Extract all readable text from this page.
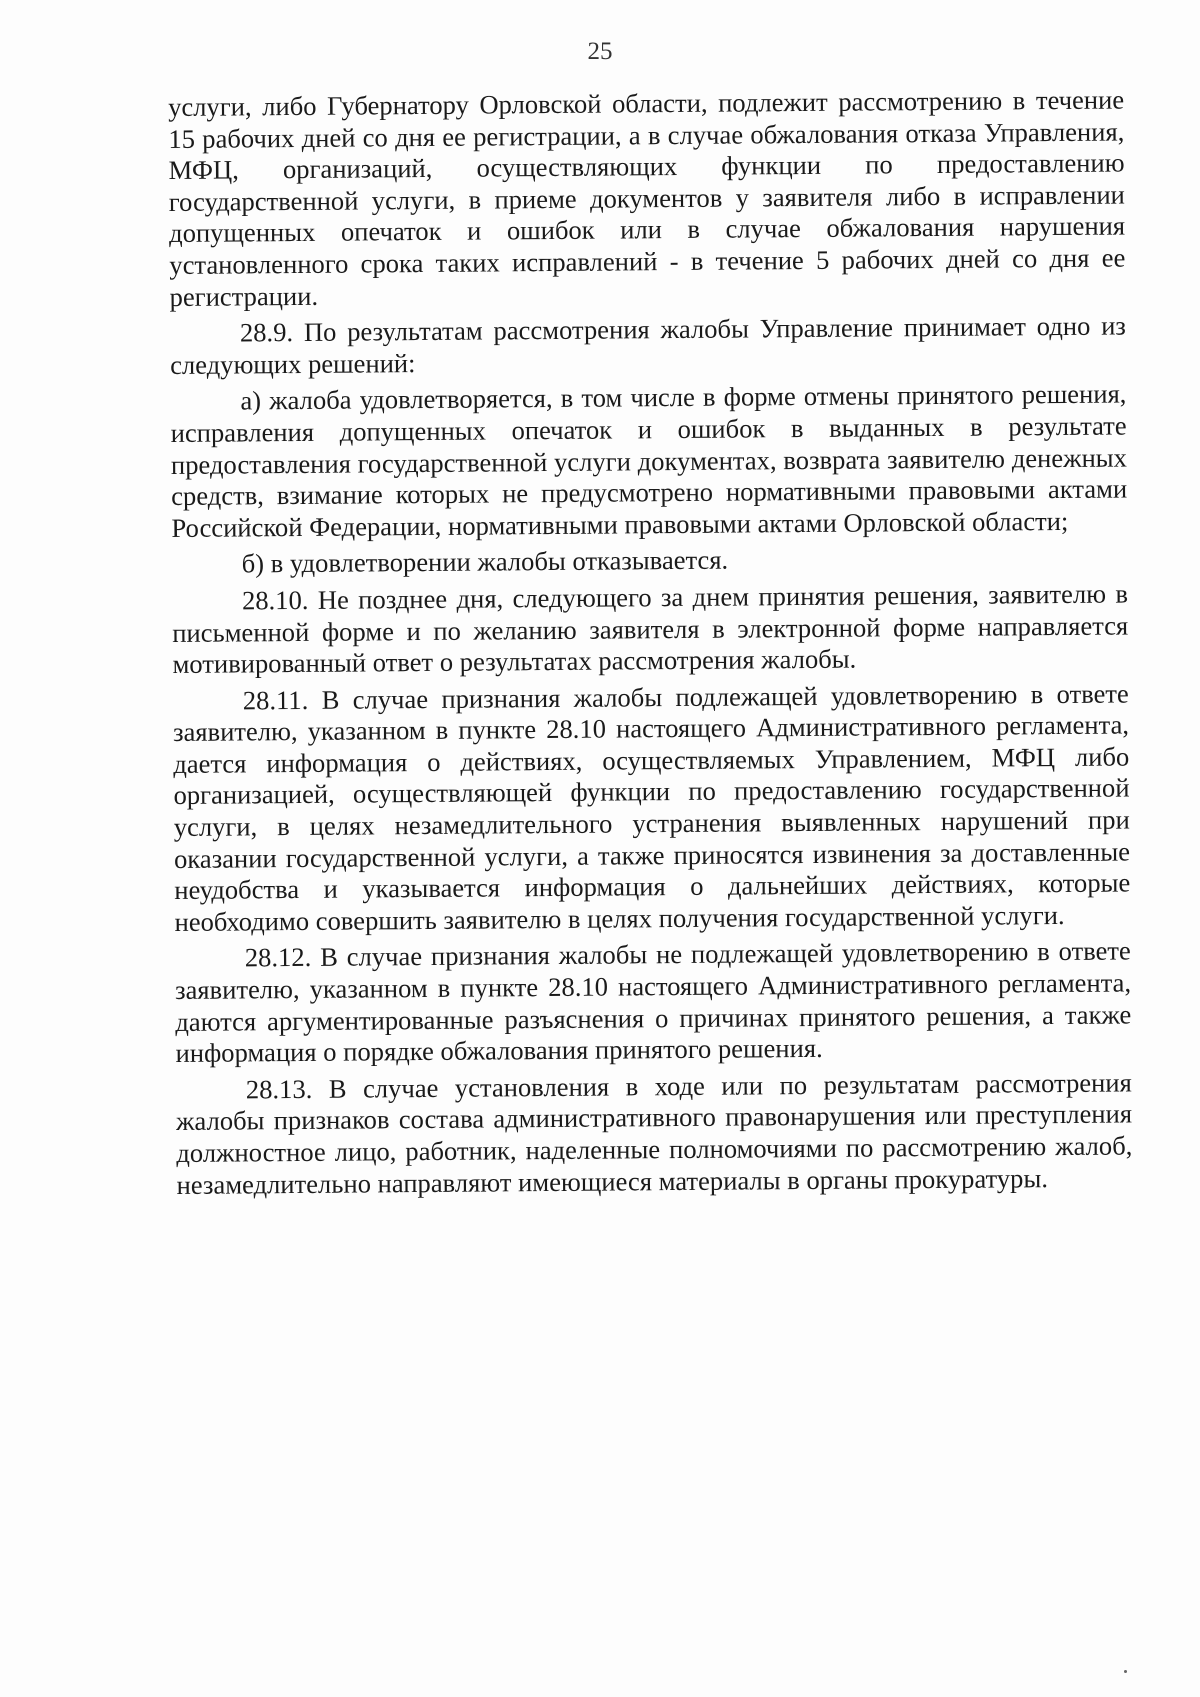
25

услуги, либо Губернатору Орловской области, подлежит рассмотрению в течение 15 рабочих дней со дня ее регистрации, а в случае обжалования отказа Управления, МФЦ, организаций, осуществляющих функции по предоставлению государственной услуги, в приеме документов у заявителя либо в исправлении допущенных опечаток и ошибок или в случае обжалования нарушения установленного срока таких исправлений - в течение 5 рабочих дней со дня ее регистрации.

28.9. По результатам рассмотрения жалобы Управление принимает одно из следующих решений:

а) жалоба удовлетворяется, в том числе в форме отмены принятого решения, исправления допущенных опечаток и ошибок в выданных в результате предоставления государственной услуги документах, возврата заявителю денежных средств, взимание которых не предусмотрено нормативными правовыми актами Российской Федерации, нормативными правовыми актами Орловской области;

б) в удовлетворении жалобы отказывается.

28.10. Не позднее дня, следующего за днем принятия решения, заявителю в письменной форме и по желанию заявителя в электронной форме направляется мотивированный ответ о результатах рассмотрения жалобы.

28.11. В случае признания жалобы подлежащей удовлетворению в ответе заявителю, указанном в пункте 28.10 настоящего Административного регламента, дается информация о действиях, осуществляемых Управлением, МФЦ либо организацией, осуществляющей функции по предоставлению государственной услуги, в целях незамедлительного устранения выявленных нарушений при оказании государственной услуги, а также приносятся извинения за доставленные неудобства и указывается информация о дальнейших действиях, которые необходимо совершить заявителю в целях получения государственной услуги.

28.12. В случае признания жалобы не подлежащей удовлетворению в ответе заявителю, указанном в пункте 28.10 настоящего Административного регламента, даются аргументированные разъяснения о причинах принятого решения, а также информация о порядке обжалования принятого решения.

28.13. В случае установления в ходе или по результатам рассмотрения жалобы признаков состава административного правонарушения или преступления должностное лицо, работник, наделенные полномочиями по рассмотрению жалоб, незамедлительно направляют имеющиеся материалы в органы прокуратуры.
